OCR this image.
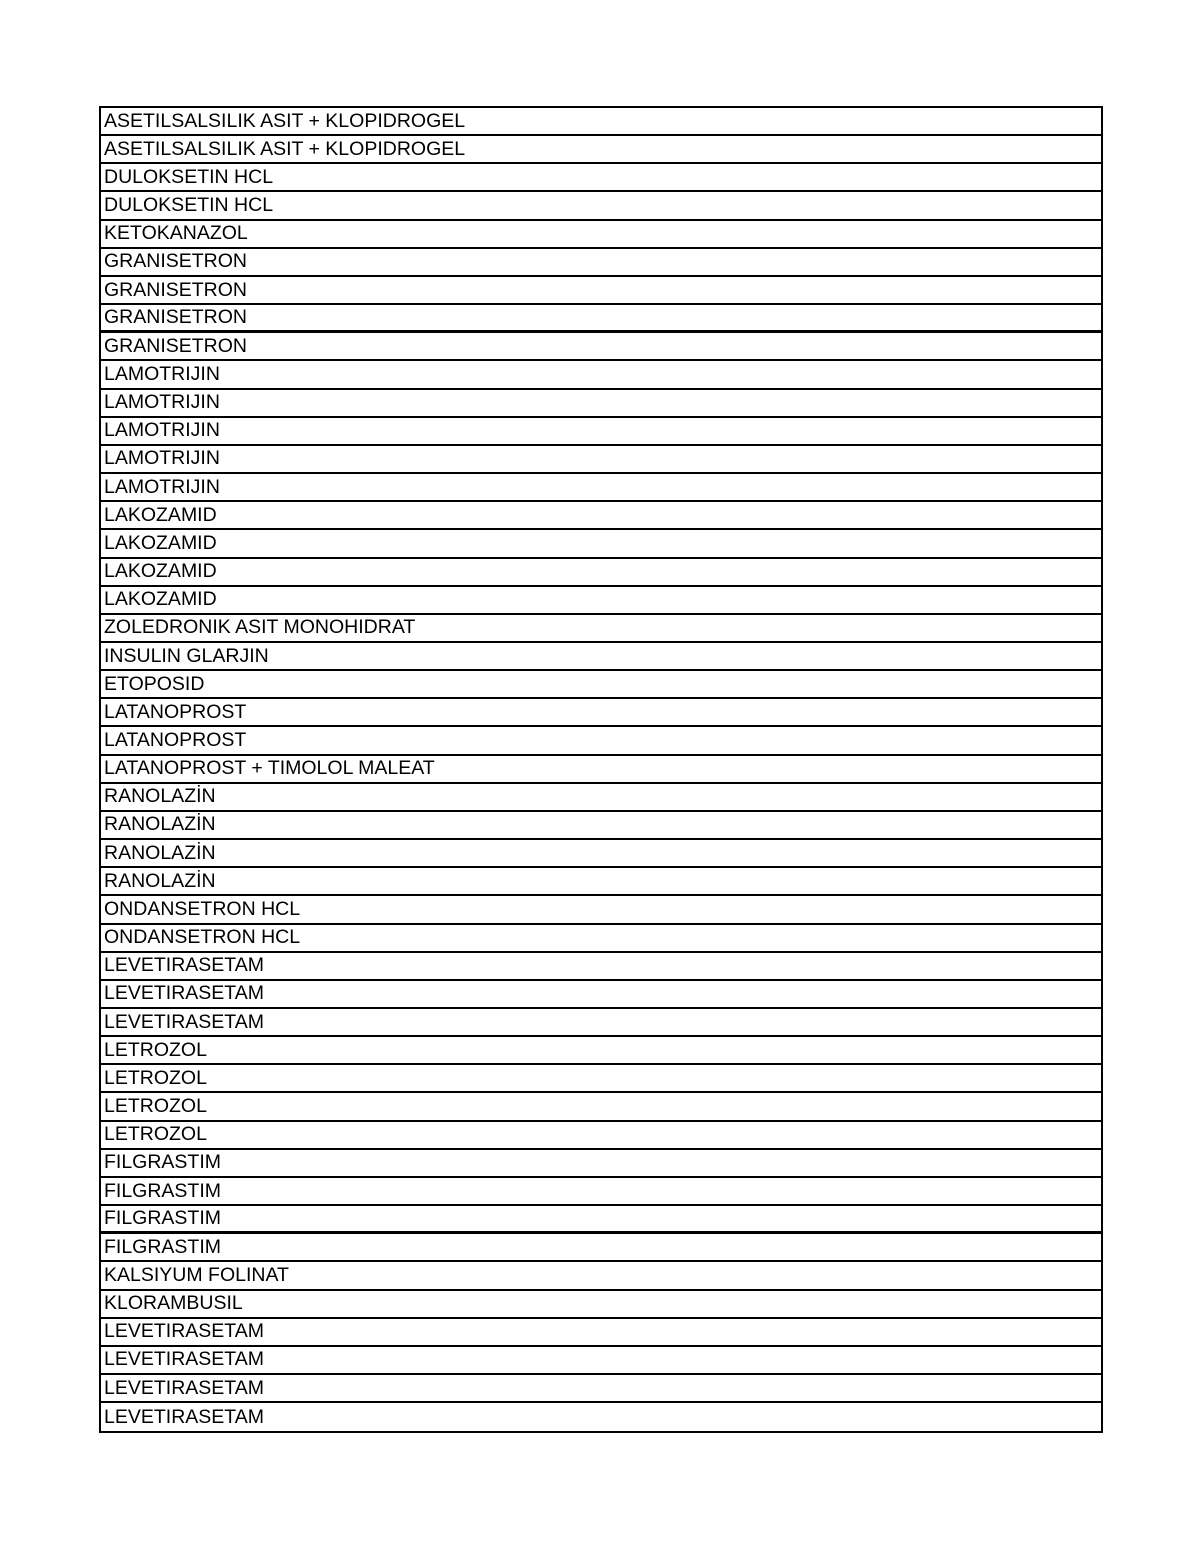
ASETILSALSILIK ASIT + KLOPIDROGEL
ASETILSALSILIK ASIT + KLOPIDROGEL
DULOKSETIN HCL
DULOKSETIN HCL
KETOKANAZOL
GRANISETRON
GRANISETRON
GRANISETRON
GRANISETRON
LAMOTRIJIN
LAMOTRIJIN
LAMOTRIJIN
LAMOTRIJIN
LAMOTRIJIN
LAKOZAMID
LAKOZAMID
LAKOZAMID
LAKOZAMID
ZOLEDRONIK ASIT MONOHIDRAT
INSULIN GLARJIN
ETOPOSID
LATANOPROST
LATANOPROST
LATANOPROST + TIMOLOL MALEAT
RANOLAZİN
RANOLAZİN
RANOLAZİN
RANOLAZİN
ONDANSETRON HCL
ONDANSETRON HCL
LEVETIRASETAM
LEVETIRASETAM
LEVETIRASETAM
LETROZOL
LETROZOL
LETROZOL
LETROZOL
FILGRASTIM
FILGRASTIM
FILGRASTIM
FILGRASTIM
KALSIYUM FOLINAT
KLORAMBUSIL
LEVETIRASETAM
LEVETIRASETAM
LEVETIRASETAM
LEVETIRASETAM
